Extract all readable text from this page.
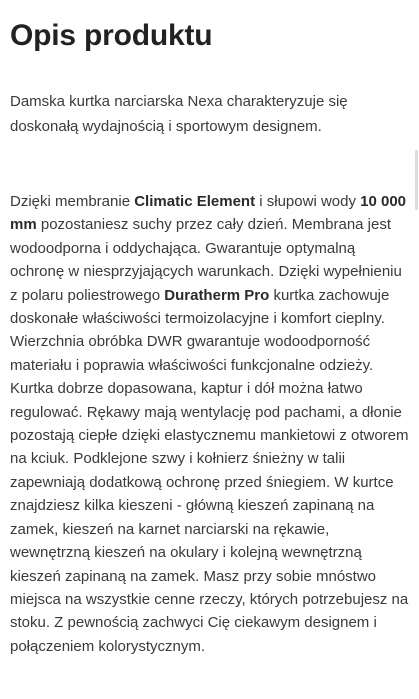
Opis produktu

Damska kurtka narciarska Nexa charakteryzuje się doskonałą wydajnością i sportowym designem.

Dzięki membranie Climatic Element i słupowi wody 10 000 mm pozostaniesz suchy przez cały dzień. Membrana jest wodoodporna i oddychająca. Gwarantuje optymalną ochronę w niesprzyjających warunkach. Dzięki wypełnieniu z polaru poliestrowego Duratherm Pro kurtka zachowuje doskonałe właściwości termoizolacyjne i komfort cieplny. Wierzchnia obróbka DWR gwarantuje wodoodporność materiału i poprawia właściwości funkcjonalne odzieży. Kurtka dobrze dopasowana, kaptur i dół można łatwo regulować. Rękawy mają wentylację pod pachami, a dłonie pozostają ciepłe dzięki elastycznemu mankietowi z otworem na kciuk. Podklejone szwy i kołnierz śnieżny w talii zapewniają dodatkową ochronę przed śniegiem. W kurtce znajdziesz kilka kieszeni - główną kieszeń zapinaną na zamek, kieszeń na karnet narciarski na rękawie, wewnętrzną kieszeń na okulary i kolejną wewnętrzną kieszeń zapinaną na zamek. Masz przy sobie mnóstwo miejsca na wszystkie cenne rzeczy, których potrzebujesz na stoku. Z pewnością zachwyci Cię ciekawym designem i połączeniem kolorystycznym.
